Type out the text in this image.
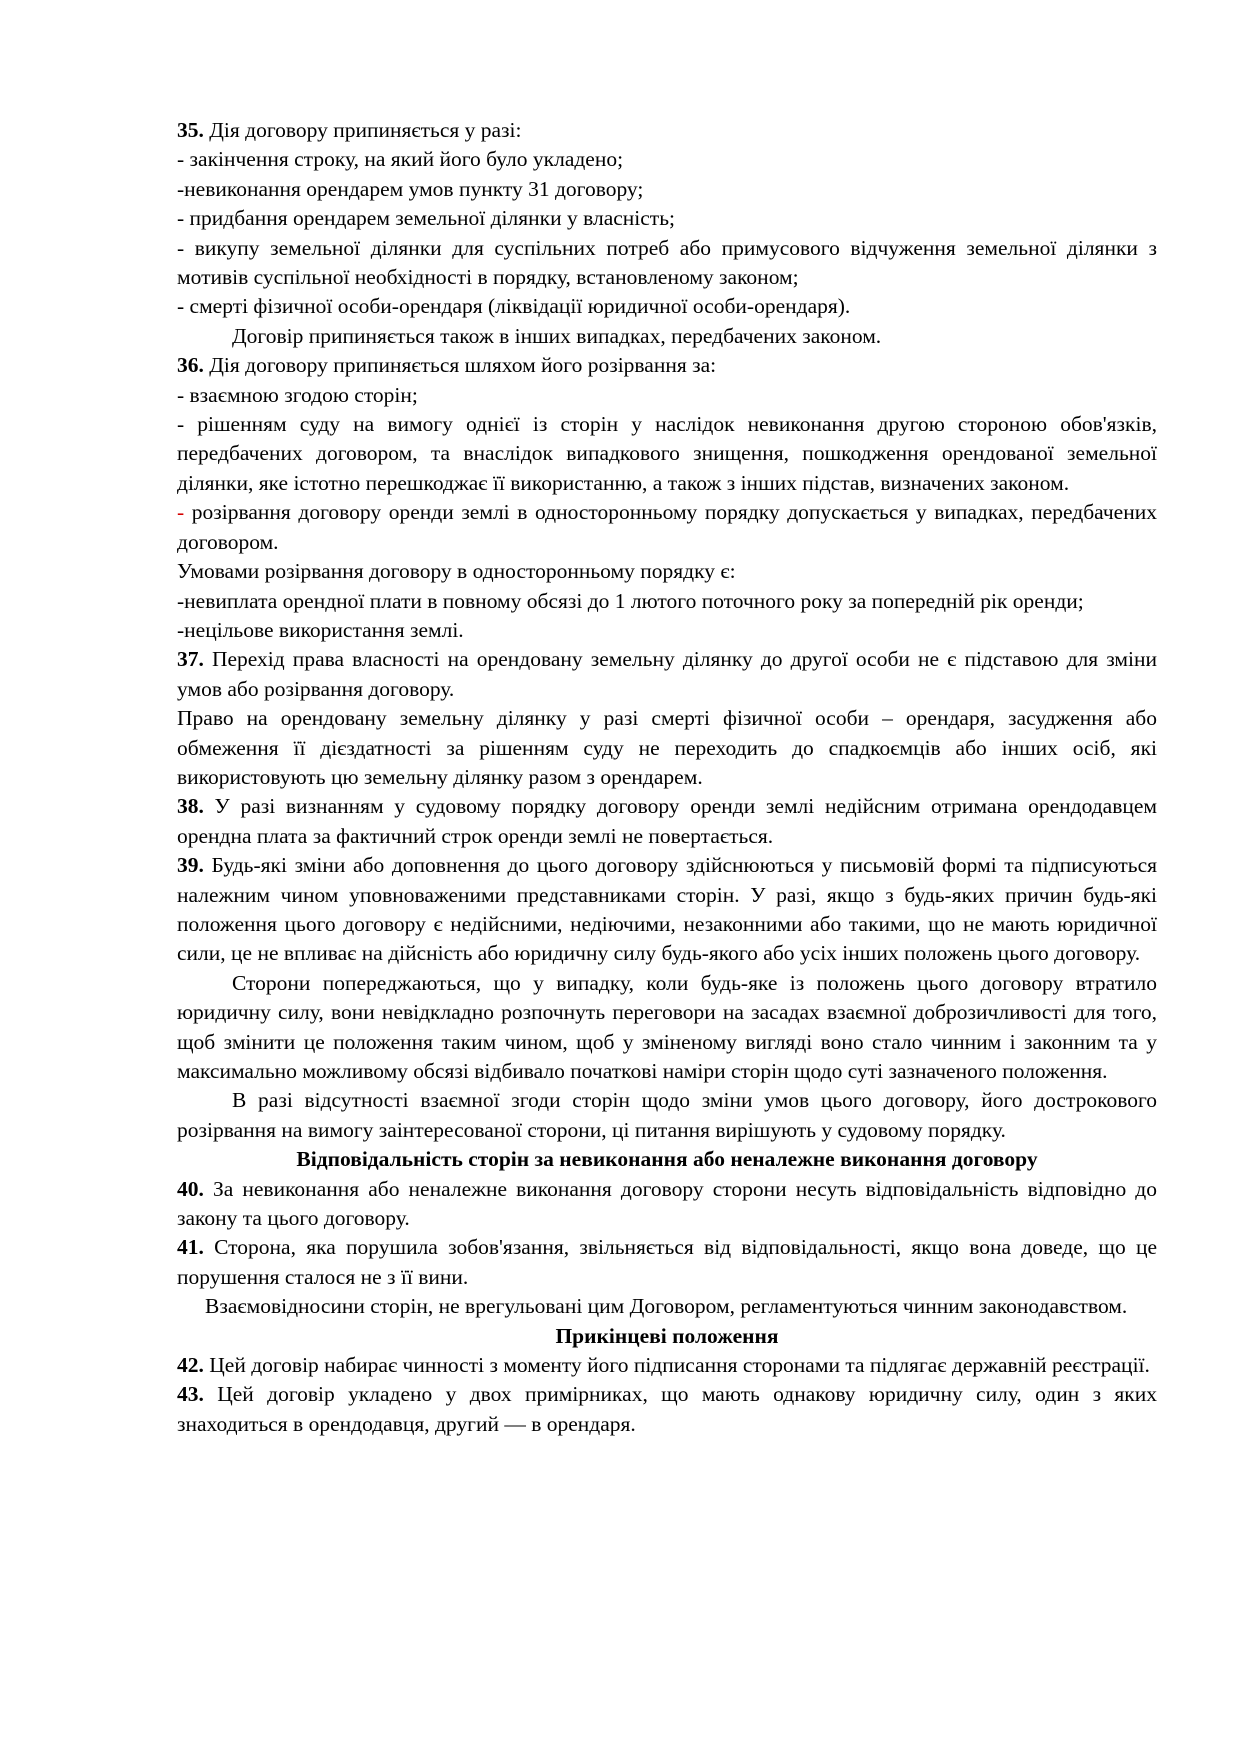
35. Дія договору припиняється у разі:

- закінчення строку, на який його було укладено;

-невиконання орендарем умов пункту 31 договору;

- придбання орендарем земельної ділянки у власність;

- викупу земельної ділянки для суспільних потреб або примусового відчуження земельної ділянки з мотивів суспільної необхідності в порядку, встановленому законом;

- смерті фізичної особи-орендаря (ліквідації юридичної особи-орендаря).

Договір припиняється також в інших випадках, передбачених законом.

36. Дія договору припиняється шляхом його розірвання за:

- взаємною згодою сторін;

- рішенням суду на вимогу однієї із сторін у наслідок невиконання другою стороною обов'язків, передбачених договором, та внаслідок випадкового знищення, пошкодження орендованої земельної ділянки, яке істотно перешкоджає її використанню, а також з інших підстав, визначених законом.

- розірвання договору оренди землі в односторонньому порядку допускається у випадках, передбачених договором.

Умовами розірвання договору в односторонньому порядку є:

-невиплата орендної плати в повному обсязі до 1 лютого поточного року за попередній рік оренди;

-нецільове використання землі.

37. Перехід права власності на орендовану земельну ділянку до другої особи не є підставою для зміни умов або розірвання договору.

Право на орендовану земельну ділянку у разі смерті фізичної особи – орендаря, засудження або обмеження її дієздатності за рішенням суду не переходить до спадкоємців або інших осіб, які використовують цю земельну ділянку разом з орендарем.

38. У разі визнанням у судовому порядку договору оренди землі недійсним отримана орендодавцем орендна плата за фактичний строк оренди землі не повертається.

39. Будь-які зміни або доповнення до цього договору здійснюються у письмовій формі та підписуються належним чином уповноваженими представниками сторін. У разі, якщо з будь-яких причин будь-які положення цього договору є недійсними, недіючими, незаконними або такими, що не мають юридичної сили, це не впливає на дійсність або юридичну силу будь-якого або усіх інших положень цього договору.

Сторони попереджаються, що у випадку, коли будь-яке із положень цього договору втратило юридичну силу, вони невідкладно розпочнуть переговори на засадах взаємної доброзичливості для того, щоб змінити це положення таким чином, щоб у зміненому вигляді воно стало чинним і законним та у максимально можливому обсязі відбивало початкові наміри сторін щодо суті зазначеного положення.

В разі відсутності взаємної згоди сторін щодо зміни умов цього договору, його дострокового розірвання на вимогу заінтересованої сторони, ці питання вирішують у судовому порядку.

Відповідальність сторін за невиконання або неналежне виконання договору

40. За невиконання або неналежне виконання договору сторони несуть відповідальність відповідно до закону та цього договору.

41. Сторона, яка порушила зобов'язання, звільняється від відповідальності, якщо вона доведе, що це порушення сталося не з її вини.

Взаємовідносини сторін, не врегульовані цим Договором, регламентуються чинним законодавством.

Прикінцеві положення

42. Цей договір набирає чинності з моменту його підписання сторонами та підлягає державній реєстрації.

43. Цей договір укладено у двох примірниках, що мають однакову юридичну силу, один з яких знаходиться в орендодавця, другий — в орендаря.
